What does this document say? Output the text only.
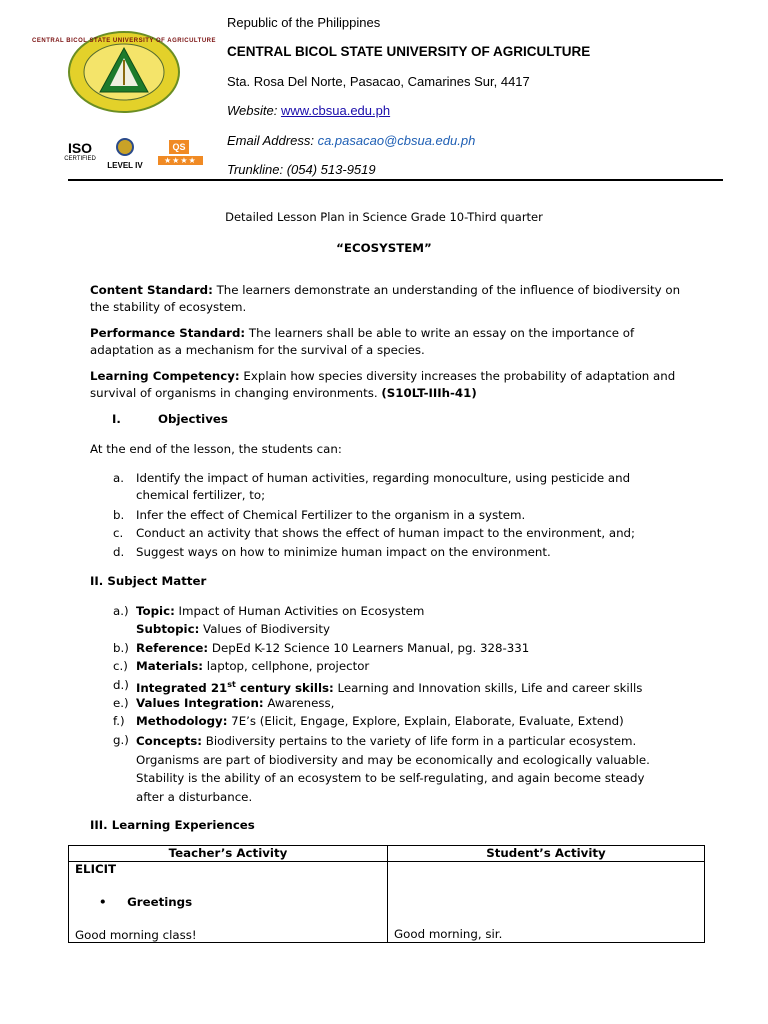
CENTRAL BICOL STATE UNIVERSITY OF AGRICULTURE
ISO
CERTIFIED
LEVEL IV
QS
★★★★
Republic of the Philippines
CENTRAL BICOL STATE UNIVERSITY OF AGRICULTURE
Sta. Rosa Del Norte, Pasacao, Camarines Sur, 4417
Website: www.cbsua.edu.ph
Email Address: ca.pasacao@cbsua.edu.ph
Trunkline: (054) 513-9519
Detailed Lesson Plan in Science Grade 10-Third quarter
“ECOSYSTEM”
Content Standard: The learners demonstrate an understanding of the influence of biodiversity on the stability of ecosystem.
Performance Standard: The learners shall be able to write an essay on the importance of adaptation as a mechanism for the survival of a species.
Learning Competency: Explain how species diversity increases the probability of adaptation and survival of organisms in changing environments. (S10LT-IIIh-41)
I.	Objectives
At the end of the lesson, the students can:
a.	Identify the impact of human activities, regarding monoculture, using pesticide and chemical fertilizer, to;
b. Infer the effect of Chemical Fertilizer to the organism in a system.
c.	Conduct an activity that shows the effect of human impact to the environment, and;
d. Suggest ways on how to minimize human impact on the environment.
II. Subject Matter
a.) Topic: Impact of Human Activities on Ecosystem
Subtopic: Values of Biodiversity
b.) Reference: DepEd K-12 Science 10 Learners Manual, pg. 328-331
c.) Materials: laptop, cellphone, projector
d.) Integrated 21st century skills: Learning and Innovation skills, Life and career skills
e.) Values Integration: Awareness,
f.) Methodology: 7E’s (Elicit, Engage, Explore, Explain, Elaborate, Evaluate, Extend)
g.) Concepts: Biodiversity pertains to the variety of life form in a particular ecosystem. Organisms are part of biodiversity and may be economically and ecologically valuable. Stability is the ability of an ecosystem to be self-regulating, and again become steady after a disturbance.
III. Learning Experiences
Teacher’s Activity	Student’s Activity

ELICIT
• Greetings
Good morning class!	Good morning, sir.
